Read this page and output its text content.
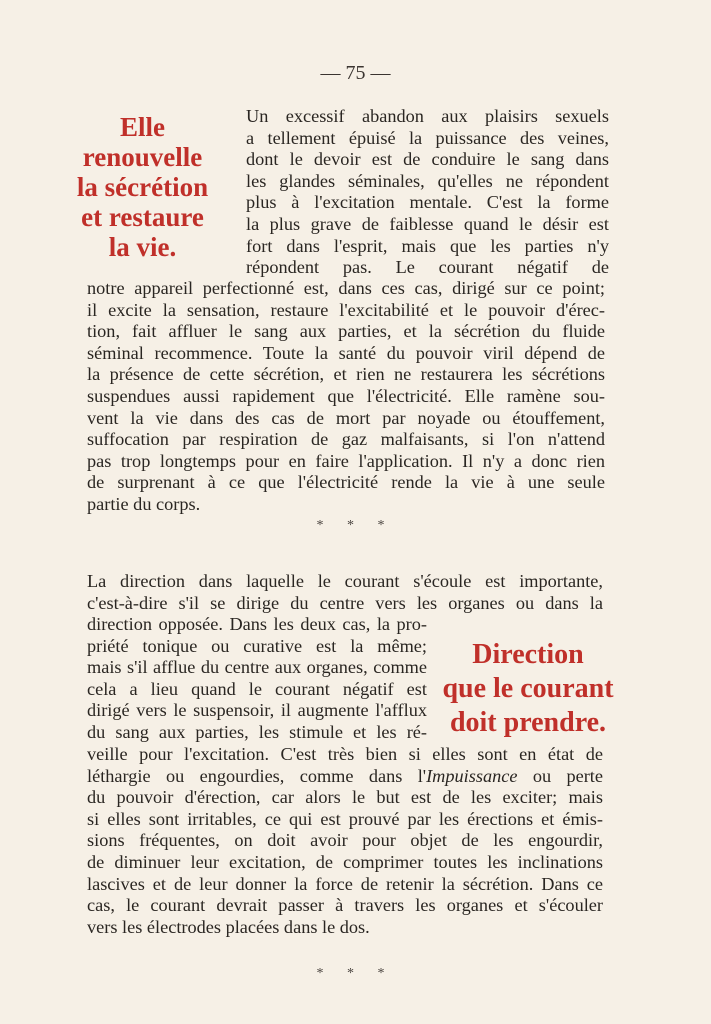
— 75 —
Elle
renouvelle
la sécrétion
et restaure
la vie.
Un excessif abandon aux plaisirs sexuels
a tellement épuisé la puissance des veines,
dont le devoir est de conduire le sang dans
les glandes séminales, qu'elles ne répondent
plus à l'excitation mentale. C'est la forme
la plus grave de faiblesse quand le désir est
fort dans l'esprit, mais que les parties n'y
répondent pas. Le courant négatif de
notre appareil perfectionné est, dans ces cas, dirigé sur ce point;
il excite la sensation, restaure l'excitabilité et le pouvoir d'érec-
tion, fait affluer le sang aux parties, et la sécrétion du fluide
séminal recommence. Toute la santé du pouvoir viril dépend de
la présence de cette sécrétion, et rien ne restaurera les sécrétions
suspendues aussi rapidement que l'électricité. Elle ramène sou-
vent la vie dans des cas de mort par noyade ou étouffement,
suffocation par respiration de gaz malfaisants, si l'on n'attend
pas trop longtemps pour en faire l'application. Il n'y a donc rien
de surprenant à ce que l'électricité rende la vie à une seule
partie du corps.
* * *
La direction dans laquelle le courant s'écoule est importante,
c'est-à-dire s'il se dirige du centre vers les organes ou dans la
direction opposée. Dans les deux cas, la pro-
priété tonique ou curative est la même;
mais s'il afflue du centre aux organes, comme
cela a lieu quand le courant négatif est
dirigé vers le suspensoir, il augmente l'afflux
du sang aux parties, les stimule et les ré-
Direction
que le courant
doit prendre.
veille pour l'excitation. C'est très bien si elles sont en état de
léthargie ou engourdies, comme dans l'Impuissance ou perte
du pouvoir d'érection, car alors le but est de les exciter; mais
si elles sont irritables, ce qui est prouvé par les érections et émis-
sions fréquentes, on doit avoir pour objet de les engourdir,
de diminuer leur excitation, de comprimer toutes les inclinations
lascives et de leur donner la force de retenir la sécrétion. Dans ce
cas, le courant devrait passer à travers les organes et s'écouler
vers les électrodes placées dans le dos.
* * *
